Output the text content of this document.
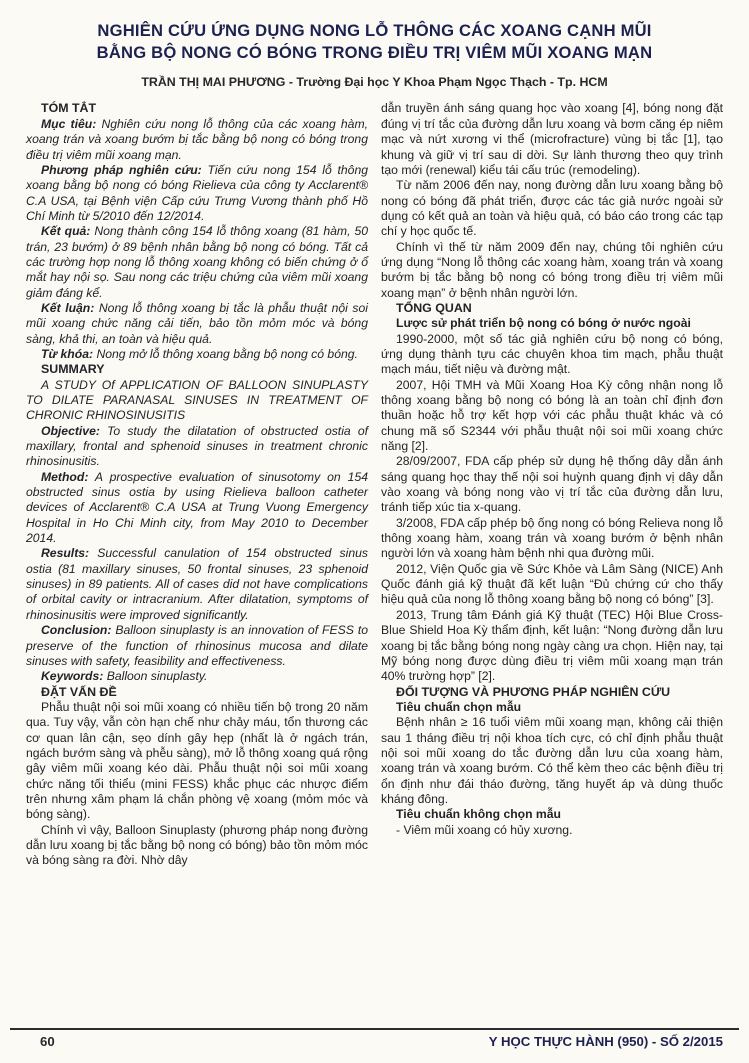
NGHIÊN CỨU ỨNG DỤNG NONG LỖ THÔNG CÁC XOANG CẠNH MŨI
BẰNG BỘ NONG CÓ BÓNG TRONG ĐIỀU TRỊ VIÊM MŨI XOANG MẠN
TRẦN THỊ MAI PHƯƠNG - Trường Đại học Y Khoa Phạm Ngọc Thạch - Tp. HCM
TÓM TẮT

Mục tiêu: Nghiên cứu nong lỗ thông của các xoang hàm, xoang trán và xoang bướm bị tắc bằng bộ nong có bóng trong điều trị viêm mũi xoang mạn.

Phương pháp nghiên cứu: Tiến cứu nong 154 lỗ thông xoang bằng bộ nong có bóng Rielieva của công ty Acclarent® C.A USA, tại Bệnh viện Cấp cứu Trưng Vương thành phố Hồ Chí Minh từ 5/2010 đến 12/2014.

Kết quả: Nong thành công 154 lỗ thông xoang (81 hàm, 50 trán, 23 bướm) ở 89 bệnh nhân bằng bộ nong có bóng. Tất cả các trường hợp nong lỗ thông xoang không có biến chứng ở ổ mắt hay nội sọ. Sau nong các triệu chứng của viêm mũi xoang giảm đáng kể.

Kết luận: Nong lỗ thông xoang bị tắc là phẫu thuật nội soi mũi xoang chức năng cải tiến, bảo tồn mỏm móc và bóng sàng, khả thi, an toàn và hiệu quả.

Từ khóa: Nong mở lỗ thông xoang bằng bộ nong có bóng.

SUMMARY

A STUDY Of APPLICATION OF BALLOON SINUPLASTY TO DILATE PARANASAL SINUSES IN TREATMENT OF CHRONIC RHINOSINUSITIS

Objective: To study the dilatation of obstructed ostia of maxillary, frontal and sphenoid sinuses in treatment chronic rhinosinusitis.

Method: A prospective evaluation of sinusotomy on 154 obstructed sinus ostia by using Rielieva balloon catheter devices of Acclarent® C.A USA at Trung Vuong Emergency Hospital in Ho Chi Minh city, from May 2010 to December 2014.

Results: Successful canulation of 154 obstructed sinus ostia (81 maxillary sinuses, 50 frontal sinuses, 23 sphenoid sinuses) in 89 patients. All of cases did not have complications of orbital cavity or intracranium. After dilatation, symptoms of rhinosinusitis were improved significantly.

Conclusion: Balloon sinuplasty is an innovation of FESS to preserve of the function of rhinosinus mucosa and dilate sinuses with safety, feasibility and effectiveness.

Keywords: Balloon sinuplasty.

ĐẶT VẤN ĐỀ

Phẫu thuật nội soi mũi xoang có nhiều tiến bộ trong 20 năm qua. Tuy vậy, vẫn còn hạn chế như chảy máu, tổn thương các cơ quan lân cận, sẹo dính gây hẹp (nhất là ở ngách trán, ngách bướm sàng và phễu sàng), mở lỗ thông xoang quá rộng gây viêm mũi xoang kéo dài. Phẫu thuật nội soi mũi xoang chức năng tối thiểu (mini FESS) khắc phục các nhược điểm trên nhưng xâm phạm lá chắn phòng vệ xoang (mỏm móc và bóng sàng).

Chính vì vậy, Balloon Sinuplasty (phương pháp nong đường dẫn lưu xoang bị tắc bằng bộ nong có bóng) bảo tồn mỏm móc và bóng sàng ra đời. Nhờ dây

dẫn truyền ánh sáng quang học vào xoang [4], bóng nong đặt đúng vị trí tắc của đường dẫn lưu xoang và bơm căng ép niêm mạc và nứt xương vi thể (microfracture) vùng bị tắc [1], tạo khung và giữ vị trí sau di dời. Sự lành thương theo quy trình tạo mới (renewal) kiểu tái cấu trúc (remodeling).

Từ năm 2006 đến nay, nong đường dẫn lưu xoang bằng bộ nong có bóng đã phát triển, được các tác giả nước ngoài sử dụng có kết quả an toàn và hiệu quả, có báo cáo trong các tạp chí y học quốc tế.

Chính vì thế từ năm 2009 đến nay, chúng tôi nghiên cứu ứng dụng “Nong lỗ thông các xoang hàm, xoang trán và xoang bướm bị tắc bằng bộ nong có bóng trong điều trị viêm mũi xoang mạn” ở bệnh nhân người lớn.

TỔNG QUAN
Lược sử phát triển bộ nong có bóng ở nước ngoài

1990-2000, một số tác giả nghiên cứu bộ nong có bóng, ứng dụng thành tựu các chuyên khoa tim mạch, phẫu thuật mạch máu, tiết niệu và đường mật.

2007, Hội TMH và Mũi Xoang Hoa Kỳ công nhận nong lỗ thông xoang bằng bộ nong có bóng là an toàn chỉ định đơn thuần hoặc hỗ trợ kết hợp với các phẫu thuật khác và có chung mã số S2344 với phẫu thuật nội soi mũi xoang chức năng [2].

28/09/2007, FDA cấp phép sử dụng hệ thống dây dẫn ánh sáng quang học thay thế nội soi huỳnh quang định vị dây dẫn vào xoang và bóng nong vào vị trí tắc của đường dẫn lưu, tránh tiếp xúc tia x-quang.

3/2008, FDA cấp phép bộ ống nong có bóng Relieva nong lỗ thông xoang hàm, xoang trán và xoang bướm ở bệnh nhân người lớn và xoang hàm bệnh nhi qua đường mũi.

2012, Viện Quốc gia về Sức Khỏe và Lâm Sàng (NICE) Anh Quốc đánh giá kỹ thuật đã kết luận “Đủ chứng cứ cho thấy hiệu quả của nong lỗ thông xoang bằng bộ nong có bóng” [3].

2013, Trung tâm Đánh giá Kỹ thuật (TEC) Hội Blue Cross-Blue Shield Hoa Kỳ thẩm định, kết luận: “Nong đường dẫn lưu xoang bị tắc bằng bóng nong ngày càng ưa chọn. Hiện nay, tại Mỹ bóng nong được dùng điều trị viêm mũi xoang mạn trán 40% trường hợp” [2].

ĐỐI TƯỢNG VÀ PHƯƠNG PHÁP NGHIÊN CỨU
Tiêu chuẩn chọn mẫu

Bệnh nhân ≥ 16 tuổi viêm mũi xoang mạn, không cải thiện sau 1 tháng điều trị nội khoa tích cực, có chỉ định phẫu thuật nội soi mũi xoang do tắc đường dẫn lưu của xoang hàm, xoang trán và xoang bướm. Có thể kèm theo các bệnh điều trị ổn định như đái tháo đường, tăng huyết áp và dùng thuốc kháng đông.

Tiêu chuẩn không chọn mẫu

- Viêm mũi xoang có hủy xương.

60	Y HỌC THỰC HÀNH (950) - SỐ 2/2015
